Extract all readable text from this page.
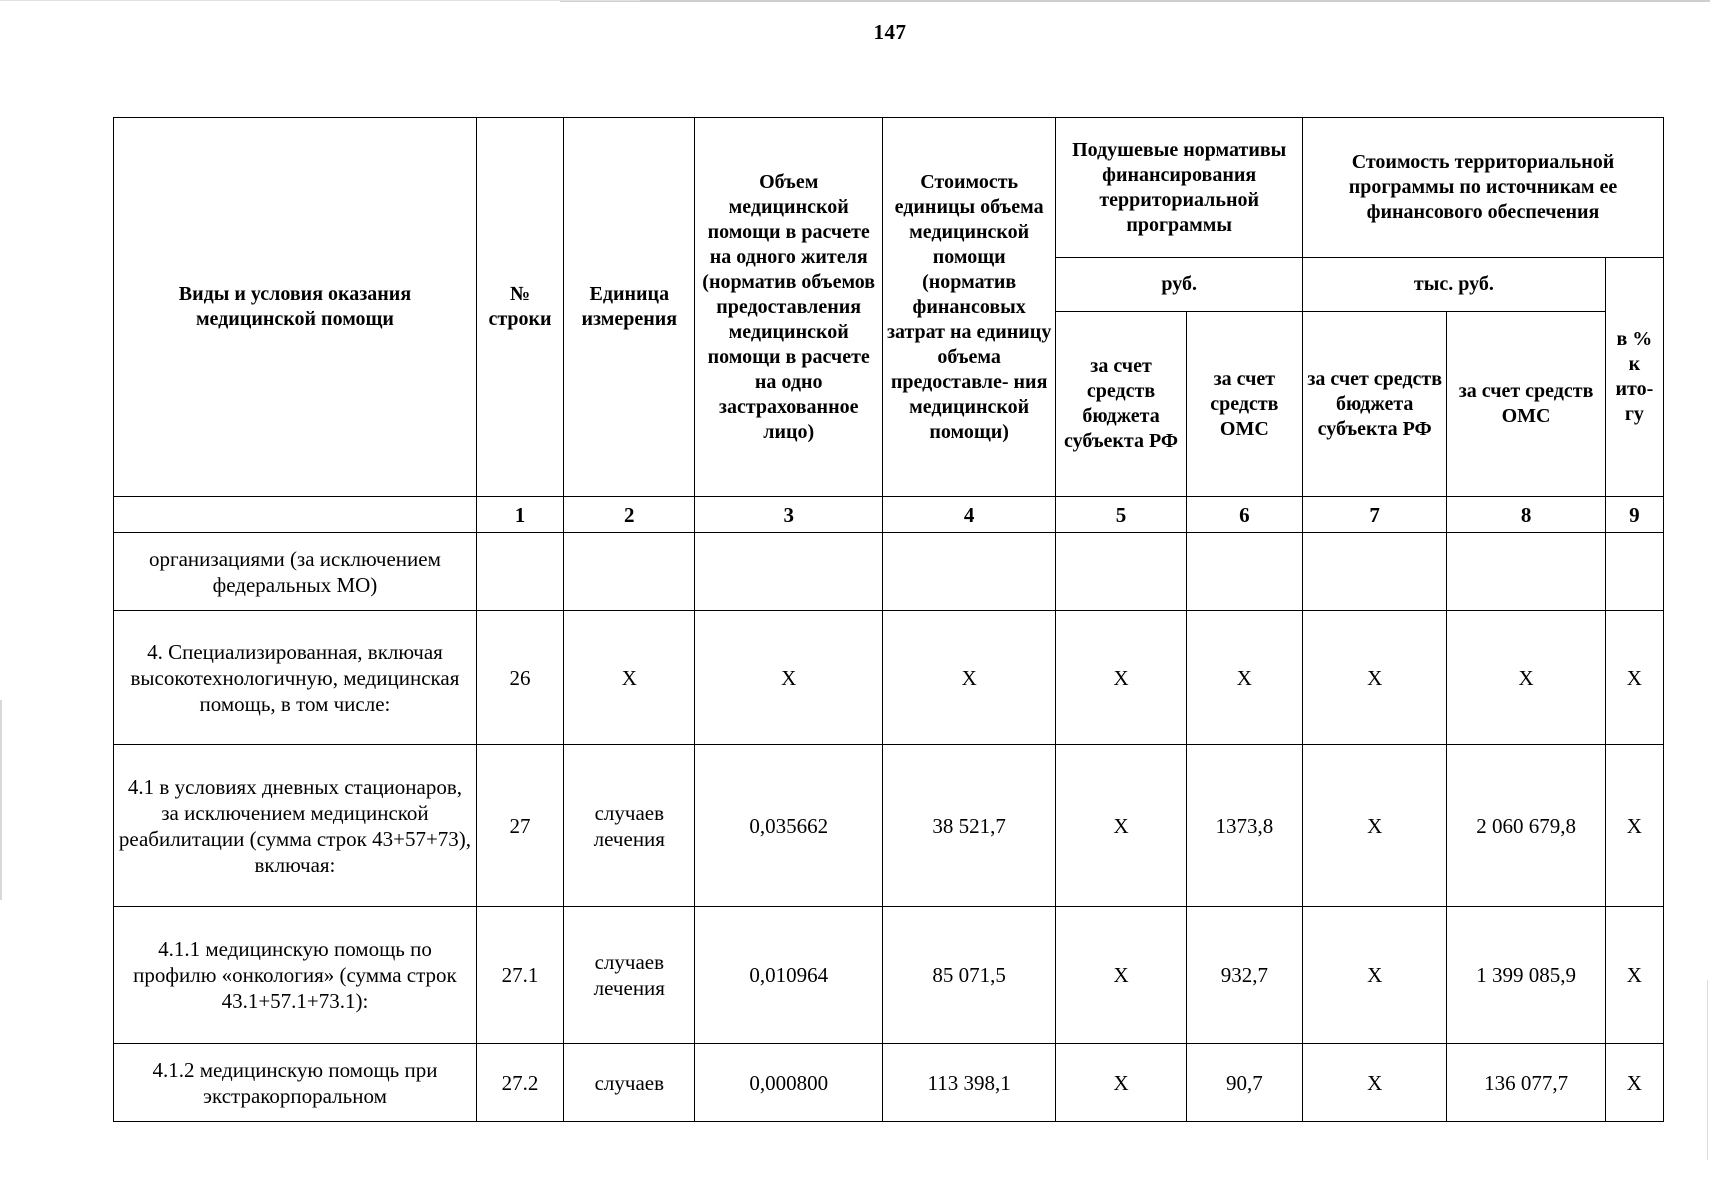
147
Виды и условия оказания медицинской помощи	№ строки	Единица измерения	Объем медицинской помощи в расчете на одного жителя (норматив объемов предоставления медицинской помощи в расчете на одно застрахованное лицо)	Стоимость единицы объема медицинской помощи (норматив финансовых затрат на единицу объема предоставле- ния медицинской помощи)	Подушевые нормативы финансирования территориальной программы		Стоимость территориальной программы по источникам ее финансового обеспечения		
					руб.		тыс. руб.		в % к ито- гу
					за счет средств бюджета субъекта РФ	за счет средств ОМС	за счет средств бюджета субъекта РФ	за счет средств ОМС	
	1	2	3	4	5	6	7	8	9
организациями (за исключением федеральных МО)									
4. Специализированная, включая высокотехнологичную, медицинская помощь, в том числе:	26	X	X	X	X	X	X	X	X
4.1 в условиях дневных стационаров, за исключением медицинской реабилитации (сумма строк 43+57+73), включая:	27	случаев лечения	0,035662	38 521,7	X	1373,8	X	2 060 679,8	X
4.1.1 медицинскую помощь по профилю «онкология» (сумма строк 43.1+57.1+73.1):	27.1	случаев лечения	0,010964	85 071,5	X	932,7	X	1 399 085,9	X
4.1.2 медицинскую помощь при экстракорпоральном	27.2	случаев	0,000800	113 398,1	X	90,7	X	136 077,7	X
